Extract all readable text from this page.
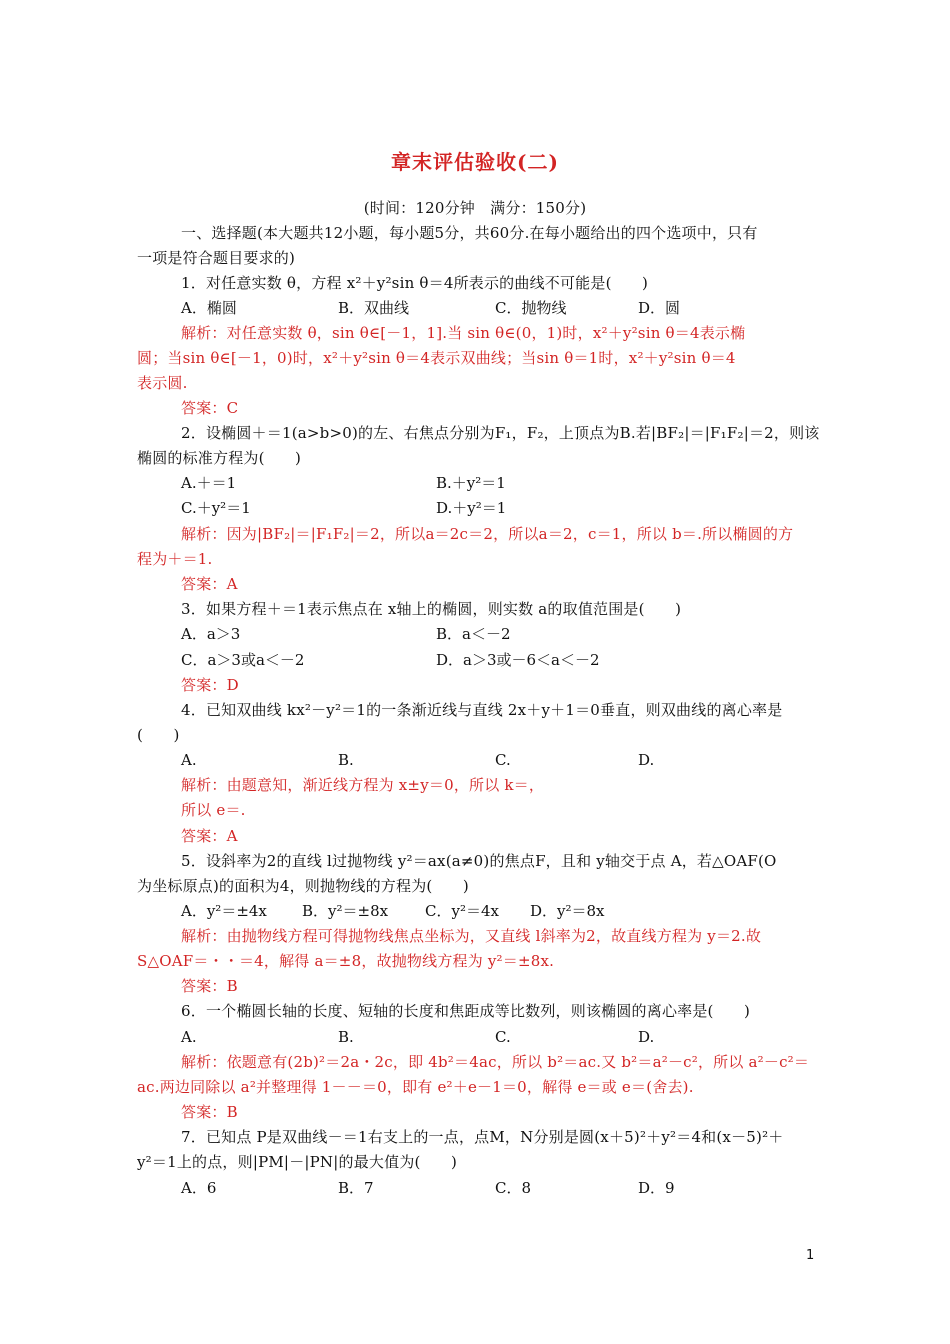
章末评估验收(二)
(时间：120分钟　满分：150分)
一、选择题(本大题共12小题，每小题5分，共60分.在每小题给出的四个选项中，只有
一项是符合题目要求的)
1．对任意实数 θ，方程 x²＋y²sin θ＝4所表示的曲线不可能是(　　)
A．椭圆	B．双曲线	C．抛物线	D．圆
解析：对任意实数 θ，sin θ∈[－1，1].当 sin θ∈(0，1)时，x²＋y²sin θ＝4表示椭
圆；当sin θ∈[－1，0)时，x²＋y²sin θ＝4表示双曲线；当sin θ＝1时，x²＋y²sin θ＝4
表示圆.
答案：C
2．设椭圆＋＝1(a>b>0)的左、右焦点分别为F₁，F₂，上顶点为B.若|BF₂|＝|F₁F₂|＝2，则该
椭圆的标准方程为(　　)
A.＋＝1	B.＋y²＝1
C.＋y²＝1	D.＋y²＝1
解析：因为|BF₂|＝|F₁F₂|＝2，所以a＝2c＝2，所以a＝2，c＝1，所以 b＝.所以椭圆的方
程为＋＝1.
答案：A
3．如果方程＋＝1表示焦点在 x轴上的椭圆，则实数 a的取值范围是(　　)
A．a＞3	B．a＜－2
C．a＞3或a＜－2	D．a＞3或－6＜a＜－2
答案：D
4．已知双曲线 kx²－y²＝1的一条渐近线与直线 2x＋y＋1＝0垂直，则双曲线的离心率是
(　　)
A.	B.	C.	D.
解析：由题意知，渐近线方程为 x±y＝0，所以 k＝，
所以 e＝.
答案：A
5．设斜率为2的直线 l过抛物线 y²＝ax(a≠0)的焦点F，且和 y轴交于点 A，若△OAF(O
为坐标原点)的面积为4，则抛物线的方程为(　　)
A．y²＝±4x B．y²＝±8x C．y²＝4x D．y²＝8x
解析：由抛物线方程可得抛物线焦点坐标为，又直线 l斜率为2，故直线方程为 y＝2.故
S△OAF＝・・＝4，解得 a＝±8，故抛物线方程为 y²＝±8x.
答案：B
6．一个椭圆长轴的长度、短轴的长度和焦距成等比数列，则该椭圆的离心率是(　　)
A.	B.	C.	D.
解析：依题意有(2b)²＝2a・2c，即 4b²＝4ac，所以 b²＝ac.又 b²＝a²－c²，所以 a²－c²＝
ac.两边同除以 a²并整理得 1－－＝0，即有 e²＋e－1＝0，解得 e＝或 e＝(舍去).
答案：B
7．已知点 P是双曲线－＝1右支上的一点，点M，N分别是圆(x＋5)²＋y²＝4和(x－5)²＋
y²＝1上的点，则|PM|－|PN|的最大值为(　　)
A．6	B．7	C．8	D．9
1
